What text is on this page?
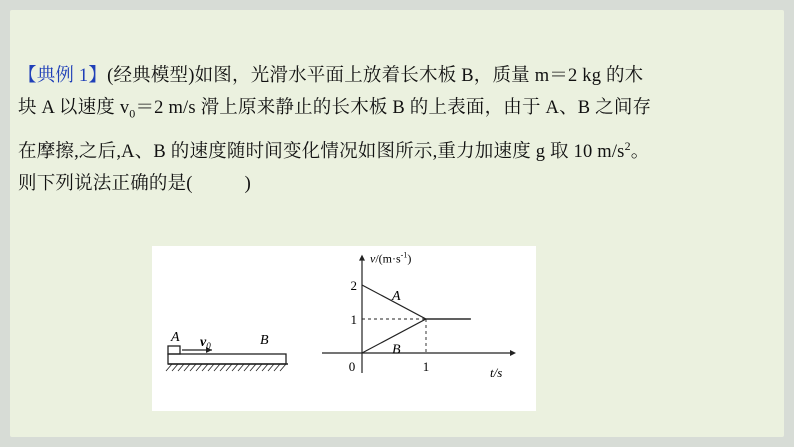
【典例 1】(经典模型)如图，光滑水平面上放着长木板 B，质量 m＝2 kg 的木
块 A 以速度 $v_0=2$ m/s 滑上原来静止的长木板 B 的上表面，由于 A、B 之间存
在摩擦,之后,A、B 的速度随时间变化情况如图所示,重力加速度 g 取 10 $m/s^2$。
则下列说法正确的是(	)
A $v_0$	B
A
B
2
1
1
0	t/s
$v/(m\cdot s^{-1})$
